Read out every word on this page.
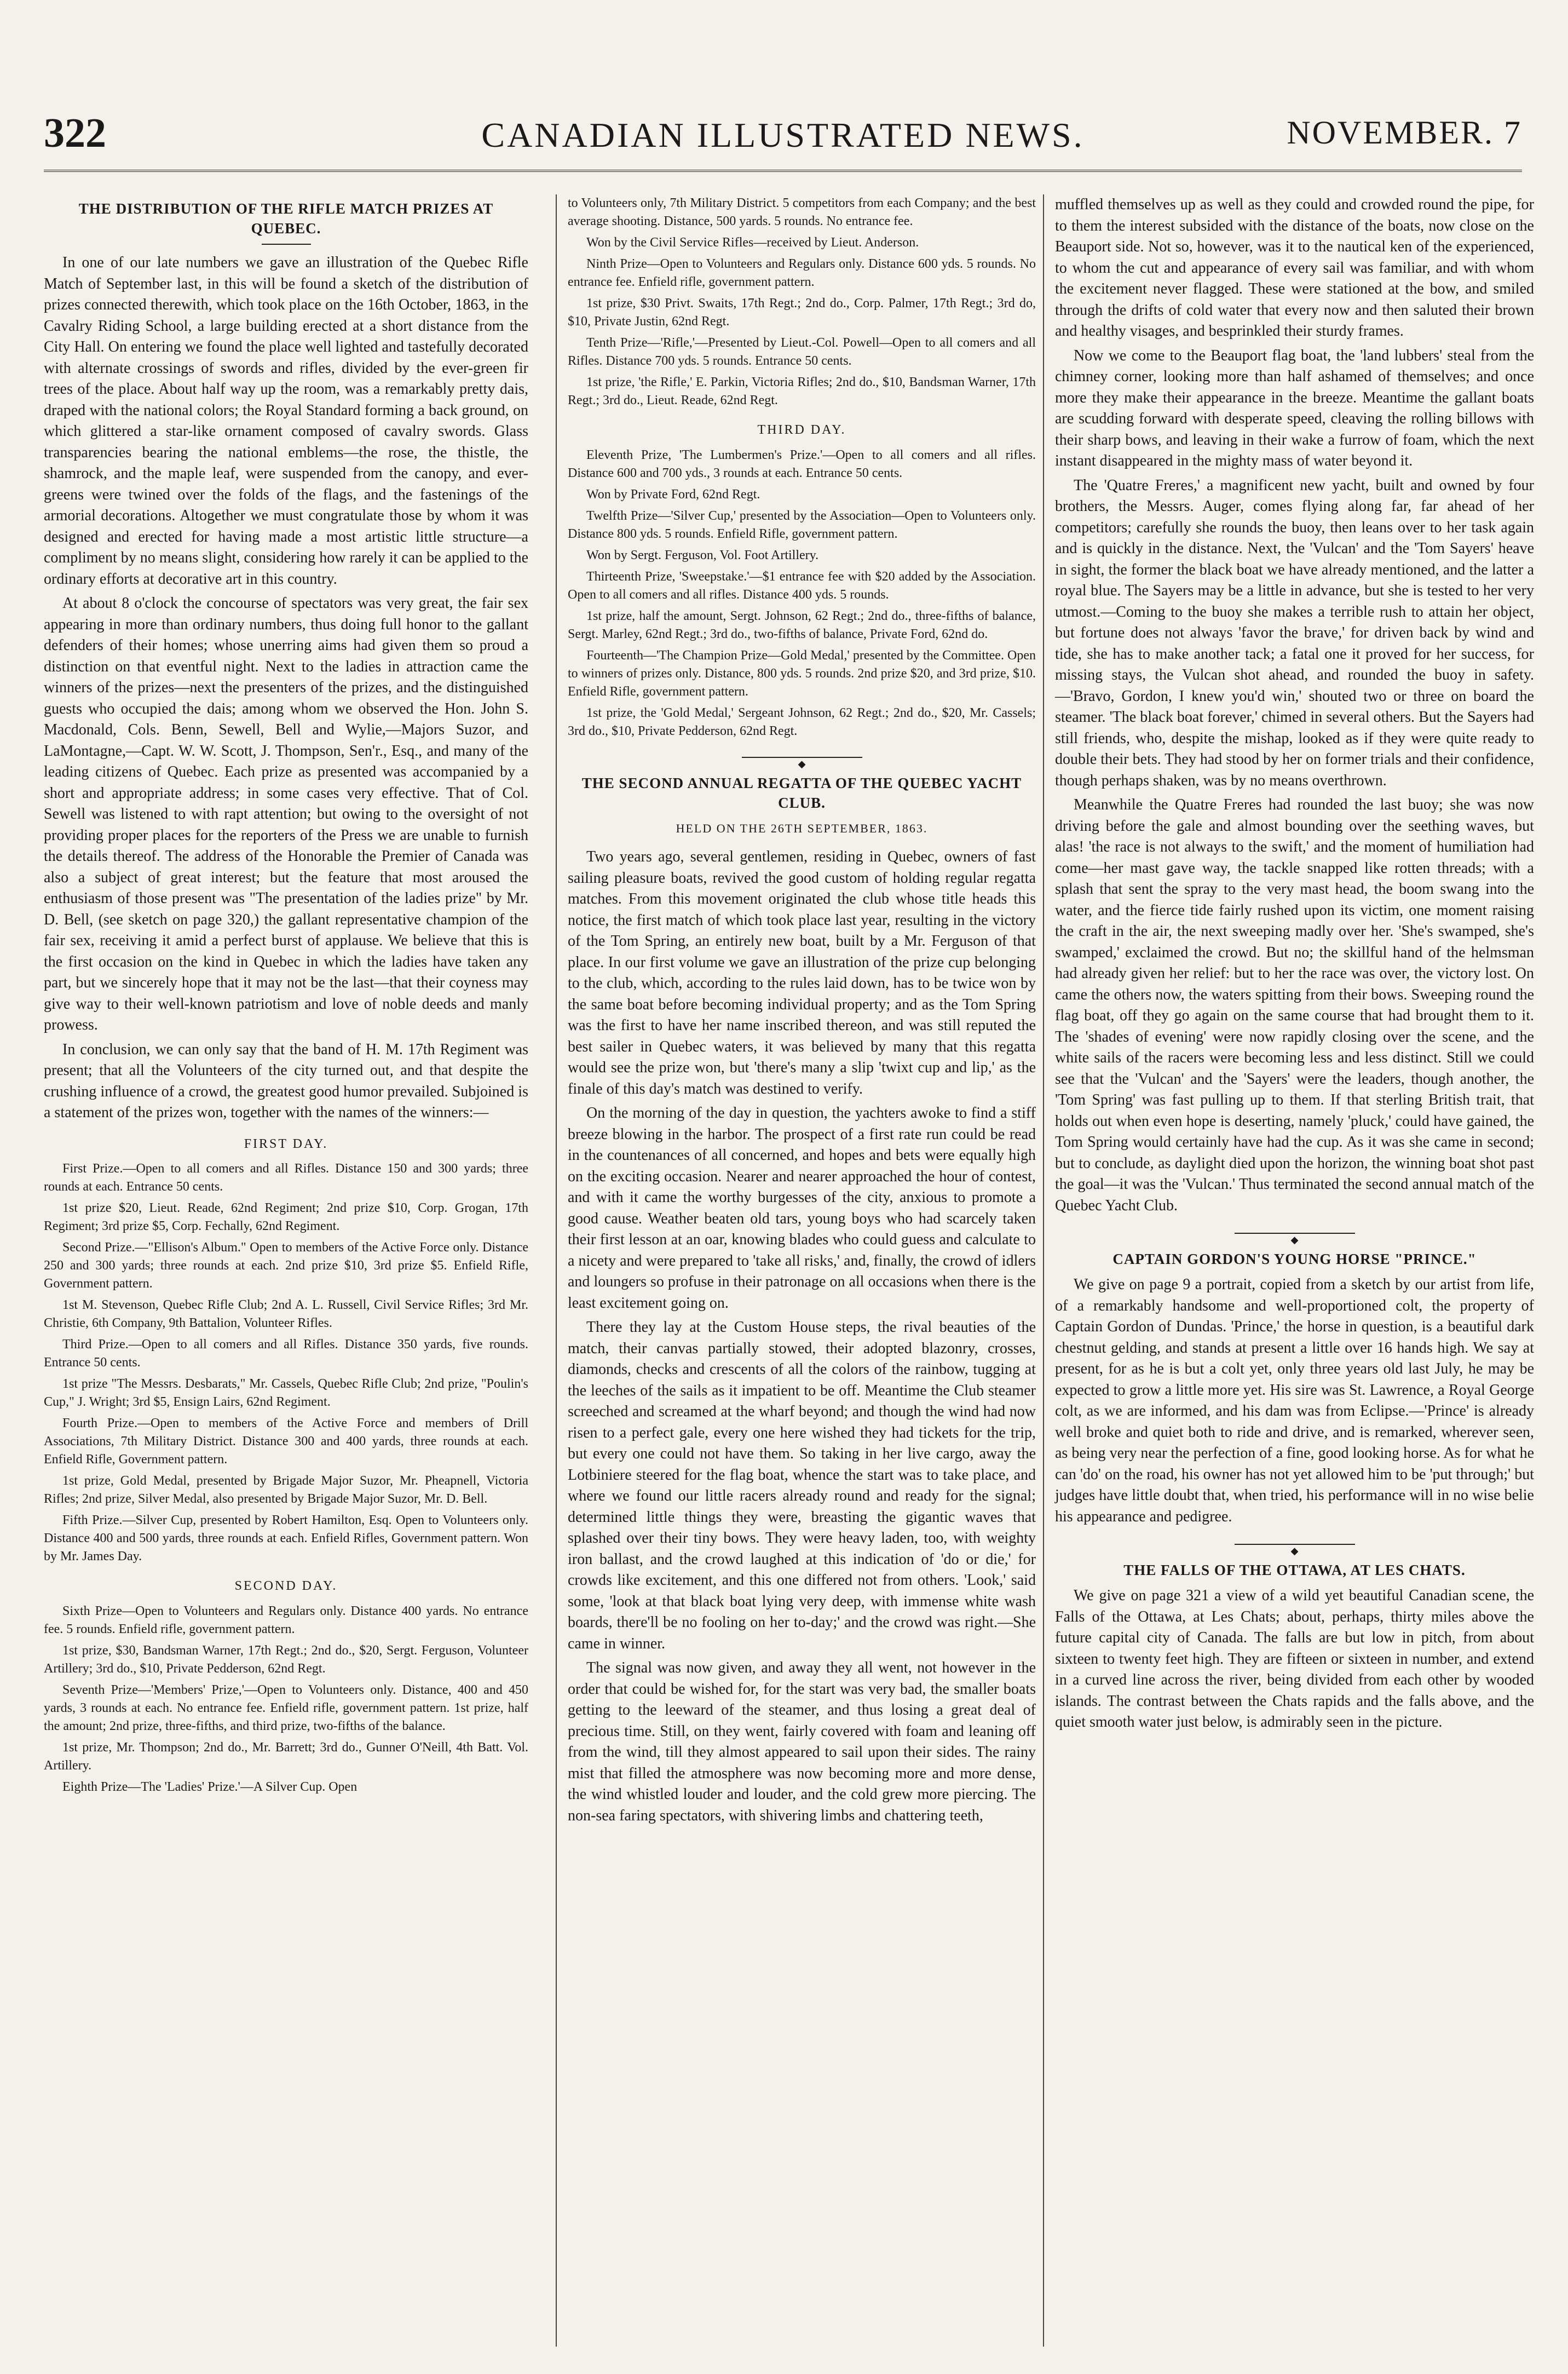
322	CANADIAN ILLUSTRATED NEWS.	NOVEMBER. 7
THE DISTRIBUTION OF THE RIFLE MATCH PRIZES AT QUEBEC.

In one of our late numbers we gave an illustration of the Quebec Rifle Match of September last, in this will be found a sketch of the distribution of prizes connected therewith, which took place on the 16th October, 1863, in the Cavalry Riding School, a large building erected at a short distance from the City Hall. On entering we found the place well lighted and tastefully decorated with alternate crossings of swords and rifles, divided by the ever-green fir trees of the place. About half way up the room, was a remarkably pretty dais, draped with the national colors; the Royal Standard forming a back ground, on which glittered a star-like ornament composed of cavalry swords. Glass transparencies bearing the national emblems—the rose, the thistle, the shamrock, and the maple leaf, were suspended from the canopy, and ever-greens were twined over the folds of the flags, and the fastenings of the armorial decorations. Altogether we must congratulate those by whom it was designed and erected for having made a most artistic little structure—a compliment by no means slight, considering how rarely it can be applied to the ordinary efforts at decorative art in this country.

At about 8 o'clock the concourse of spectators was very great, the fair sex appearing in more than ordinary numbers, thus doing full honor to the gallant defenders of their homes; whose unerring aims had given them so proud a distinction on that eventful night. Next to the ladies in attraction came the winners of the prizes—next the presenters of the prizes, and the distinguished guests who occupied the dais; among whom we observed the Hon. John S. Macdonald, Cols. Benn, Sewell, Bell and Wylie,—Majors Suzor, and LaMontagne,—Capt. W. W. Scott, J. Thompson, Sen'r., Esq., and many of the leading citizens of Quebec. Each prize as presented was accompanied by a short and appropriate address; in some cases very effective. That of Col. Sewell was listened to with rapt attention; but owing to the oversight of not providing proper places for the reporters of the Press we are unable to furnish the details thereof. The address of the Honorable the Premier of Canada was also a subject of great interest; but the feature that most aroused the enthusiasm of those present was "The presentation of the ladies prize" by Mr. D. Bell, (see sketch on page 320,) the gallant representative champion of the fair sex, receiving it amid a perfect burst of applause. We believe that this is the first occasion on the kind in Quebec in which the ladies have taken any part, but we sincerely hope that it may not be the last—that their coyness may give way to their well-known patriotism and love of noble deeds and manly prowess.

In conclusion, we can only say that the band of H. M. 17th Regiment was present; that all the Volunteers of the city turned out, and that despite the crushing influence of a crowd, the greatest good humor prevailed. Subjoined is a statement of the prizes won, together with the names of the winners:—

FIRST DAY.

First Prize.—Open to all comers and all Rifles. Distance 150 and 300 yards; three rounds at each. Entrance 50 cents.

1st prize $20, Lieut. Reade, 62nd Regiment; 2nd prize $10, Corp. Grogan, 17th Regiment; 3rd prize $5, Corp. Fechally, 62nd Regiment.

Second Prize.—"Ellison's Album." Open to members of the Active Force only. Distance 250 and 300 yards; three rounds at each. 2nd prize $10, 3rd prize $5. Enfield Rifle, Government pattern.

1st M. Stevenson, Quebec Rifle Club; 2nd A. L. Russell, Civil Service Rifles; 3rd Mr. Christie, 6th Company, 9th Battalion, Volunteer Rifles.

Third Prize.—Open to all comers and all Rifles. Distance 350 yards, five rounds. Entrance 50 cents.

1st prize "The Messrs. Desbarats," Mr. Cassels, Quebec Rifle Club; 2nd prize, "Poulin's Cup," J. Wright; 3rd $5, Ensign Lairs, 62nd Regiment.

Fourth Prize.—Open to members of the Active Force and members of Drill Associations, 7th Military District. Distance 300 and 400 yards, three rounds at each. Enfield Rifle, Government pattern.

1st prize, Gold Medal, presented by Brigade Major Suzor, Mr. Pheapnell, Victoria Rifles; 2nd prize, Silver Medal, also presented by Brigade Major Suzor, Mr. D. Bell.

Fifth Prize.—Silver Cup, presented by Robert Hamilton, Esq. Open to Volunteers only. Distance 400 and 500 yards, three rounds at each. Enfield Rifles, Government pattern. Won by Mr. James Day.

SECOND DAY.

Sixth Prize—Open to Volunteers and Regulars only. Distance 400 yards. No entrance fee. 5 rounds. Enfield rifle, government pattern.

1st prize, $30, Bandsman Warner, 17th Regt.; 2nd do., $20, Sergt. Ferguson, Volunteer Artillery; 3rd do., $10, Private Pedderson, 62nd Regt.

Seventh Prize—'Members' Prize,'—Open to Volunteers only. Distance, 400 and 450 yards, 3 rounds at each. No entrance fee. Enfield rifle, government pattern. 1st prize, half the amount; 2nd prize, three-fifths, and third prize, two-fifths of the balance.

1st prize, Mr. Thompson; 2nd do., Mr. Barrett; 3rd do., Gunner O'Neill, 4th Batt. Vol. Artillery.

Eighth Prize—The 'Ladies' Prize.'—A Silver Cup. Open

to Volunteers only, 7th Military District. 5 competitors from each Company; and the best average shooting. Distance, 500 yards. 5 rounds. No entrance fee.

Won by the Civil Service Rifles—received by Lieut. Anderson.

Ninth Prize—Open to Volunteers and Regulars only. Distance 600 yds. 5 rounds. No entrance fee. Enfield rifle, government pattern.

1st prize, $30 Privt. Swaits, 17th Regt.; 2nd do., Corp. Palmer, 17th Regt.; 3rd do, $10, Private Justin, 62nd Regt.

Tenth Prize—'Rifle,'—Presented by Lieut.-Col. Powell—Open to all comers and all Rifles. Distance 700 yds. 5 rounds. Entrance 50 cents.

1st prize, 'the Rifle,' E. Parkin, Victoria Rifles; 2nd do., $10, Bandsman Warner, 17th Regt.; 3rd do., Lieut. Reade, 62nd Regt.

THIRD DAY.

Eleventh Prize, 'The Lumbermen's Prize.'—Open to all comers and all rifles. Distance 600 and 700 yds., 3 rounds at each. Entrance 50 cents.

Won by Private Ford, 62nd Regt.

Twelfth Prize—'Silver Cup,' presented by the Association—Open to Volunteers only. Distance 800 yds. 5 rounds. Enfield Rifle, government pattern.

Won by Sergt. Ferguson, Vol. Foot Artillery.

Thirteenth Prize, 'Sweepstake.'—$1 entrance fee with $20 added by the Association. Open to all comers and all rifles. Distance 400 yds. 5 rounds.

1st prize, half the amount, Sergt. Johnson, 62 Regt.; 2nd do., three-fifths of balance, Sergt. Marley, 62nd Regt.; 3rd do., two-fifths of balance, Private Ford, 62nd do.

Fourteenth—'The Champion Prize—Gold Medal,' presented by the Committee. Open to winners of prizes only. Distance, 800 yds. 5 rounds. 2nd prize $20, and 3rd prize, $10. Enfield Rifle, government pattern.

1st prize, the 'Gold Medal,' Sergeant Johnson, 62 Regt.; 2nd do., $20, Mr. Cassels; 3rd do., $10, Private Pedderson, 62nd Regt.

◆
THE SECOND ANNUAL REGATTA OF THE QUEBEC YACHT CLUB.
HELD ON THE 26TH SEPTEMBER, 1863.

Two years ago, several gentlemen, residing in Quebec, owners of fast sailing pleasure boats, revived the good custom of holding regular regatta matches. From this movement originated the club whose title heads this notice, the first match of which took place last year, resulting in the victory of the Tom Spring, an entirely new boat, built by a Mr. Ferguson of that place. In our first volume we gave an illustration of the prize cup belonging to the club, which, according to the rules laid down, has to be twice won by the same boat before becoming individual property; and as the Tom Spring was the first to have her name inscribed thereon, and was still reputed the best sailer in Quebec waters, it was believed by many that this regatta would see the prize won, but 'there's many a slip 'twixt cup and lip,' as the finale of this day's match was destined to verify.

On the morning of the day in question, the yachters awoke to find a stiff breeze blowing in the harbor. The prospect of a first rate run could be read in the countenances of all concerned, and hopes and bets were equally high on the exciting occasion. Nearer and nearer approached the hour of contest, and with it came the worthy burgesses of the city, anxious to promote a good cause. Weather beaten old tars, young boys who had scarcely taken their first lesson at an oar, knowing blades who could guess and calculate to a nicety and were prepared to 'take all risks,' and, finally, the crowd of idlers and loungers so profuse in their patronage on all occasions when there is the least excitement going on.

There they lay at the Custom House steps, the rival beauties of the match, their canvas partially stowed, their adopted blazonry, crosses, diamonds, checks and crescents of all the colors of the rainbow, tugging at the leeches of the sails as it impatient to be off. Meantime the Club steamer screeched and screamed at the wharf beyond; and though the wind had now risen to a perfect gale, every one here wished they had tickets for the trip, but every one could not have them. So taking in her live cargo, away the Lotbiniere steered for the flag boat, whence the start was to take place, and where we found our little racers already round and ready for the signal; determined little things they were, breasting the gigantic waves that splashed over their tiny bows. They were heavy laden, too, with weighty iron ballast, and the crowd laughed at this indication of 'do or die,' for crowds like excitement, and this one differed not from others. 'Look,' said some, 'look at that black boat lying very deep, with immense white wash boards, there'll be no fooling on her to-day;' and the crowd was right.—She came in winner.

The signal was now given, and away they all went, not however in the order that could be wished for, for the start was very bad, the smaller boats getting to the leeward of the steamer, and thus losing a great deal of precious time. Still, on they went, fairly covered with foam and leaning off from the wind, till they almost appeared to sail upon their sides. The rainy mist that filled the atmosphere was now becoming more and more dense, the wind whistled louder and louder, and the cold grew more piercing. The non-sea faring spectators, with shivering limbs and chattering teeth,

muffled themselves up as well as they could and crowded round the pipe, for to them the interest subsided with the distance of the boats, now close on the Beauport side. Not so, however, was it to the nautical ken of the experienced, to whom the cut and appearance of every sail was familiar, and with whom the excitement never flagged. These were stationed at the bow, and smiled through the drifts of cold water that every now and then saluted their brown and healthy visages, and besprinkled their sturdy frames.

Now we come to the Beauport flag boat, the 'land lubbers' steal from the chimney corner, looking more than half ashamed of themselves; and once more they make their appearance in the breeze. Meantime the gallant boats are scudding forward with desperate speed, cleaving the rolling billows with their sharp bows, and leaving in their wake a furrow of foam, which the next instant disappeared in the mighty mass of water beyond it.

The 'Quatre Freres,' a magnificent new yacht, built and owned by four brothers, the Messrs. Auger, comes flying along far, far ahead of her competitors; carefully she rounds the buoy, then leans over to her task again and is quickly in the distance. Next, the 'Vulcan' and the 'Tom Sayers' heave in sight, the former the black boat we have already mentioned, and the latter a royal blue. The Sayers may be a little in advance, but she is tested to her very utmost.—Coming to the buoy she makes a terrible rush to attain her object, but fortune does not always 'favor the brave,' for driven back by wind and tide, she has to make another tack; a fatal one it proved for her success, for missing stays, the Vulcan shot ahead, and rounded the buoy in safety.—'Bravo, Gordon, I knew you'd win,' shouted two or three on board the steamer. 'The black boat forever,' chimed in several others. But the Sayers had still friends, who, despite the mishap, looked as if they were quite ready to double their bets. They had stood by her on former trials and their confidence, though perhaps shaken, was by no means overthrown.

Meanwhile the Quatre Freres had rounded the last buoy; she was now driving before the gale and almost bounding over the seething waves, but alas! 'the race is not always to the swift,' and the moment of humiliation had come—her mast gave way, the tackle snapped like rotten threads; with a splash that sent the spray to the very mast head, the boom swang into the water, and the fierce tide fairly rushed upon its victim, one moment raising the craft in the air, the next sweeping madly over her. 'She's swamped, she's swamped,' exclaimed the crowd. But no; the skillful hand of the helmsman had already given her relief: but to her the race was over, the victory lost. On came the others now, the waters spitting from their bows. Sweeping round the flag boat, off they go again on the same course that had brought them to it. The 'shades of evening' were now rapidly closing over the scene, and the white sails of the racers were becoming less and less distinct. Still we could see that the 'Vulcan' and the 'Sayers' were the leaders, though another, the 'Tom Spring' was fast pulling up to them. If that sterling British trait, that holds out when even hope is deserting, namely 'pluck,' could have gained, the Tom Spring would certainly have had the cup. As it was she came in second; but to conclude, as daylight died upon the horizon, the winning boat shot past the goal—it was the 'Vulcan.' Thus terminated the second annual match of the Quebec Yacht Club.

◆
CAPTAIN GORDON'S YOUNG HORSE "PRINCE."

We give on page 9 a portrait, copied from a sketch by our artist from life, of a remarkably handsome and well-proportioned colt, the property of Captain Gordon of Dundas. 'Prince,' the horse in question, is a beautiful dark chestnut gelding, and stands at present a little over 16 hands high. We say at present, for as he is but a colt yet, only three years old last July, he may be expected to grow a little more yet. His sire was St. Lawrence, a Royal George colt, as we are informed, and his dam was from Eclipse.—'Prince' is already well broke and quiet both to ride and drive, and is remarked, wherever seen, as being very near the perfection of a fine, good looking horse. As for what he can 'do' on the road, his owner has not yet allowed him to be 'put through;' but judges have little doubt that, when tried, his performance will in no wise belie his appearance and pedigree.

◆
THE FALLS OF THE OTTAWA, AT LES CHATS.

We give on page 321 a view of a wild yet beautiful Canadian scene, the Falls of the Ottawa, at Les Chats; about, perhaps, thirty miles above the future capital city of Canada. The falls are but low in pitch, from about sixteen to twenty feet high. They are fifteen or sixteen in number, and extend in a curved line across the river, being divided from each other by wooded islands. The contrast between the Chats rapids and the falls above, and the quiet smooth water just below, is admirably seen in the picture.
